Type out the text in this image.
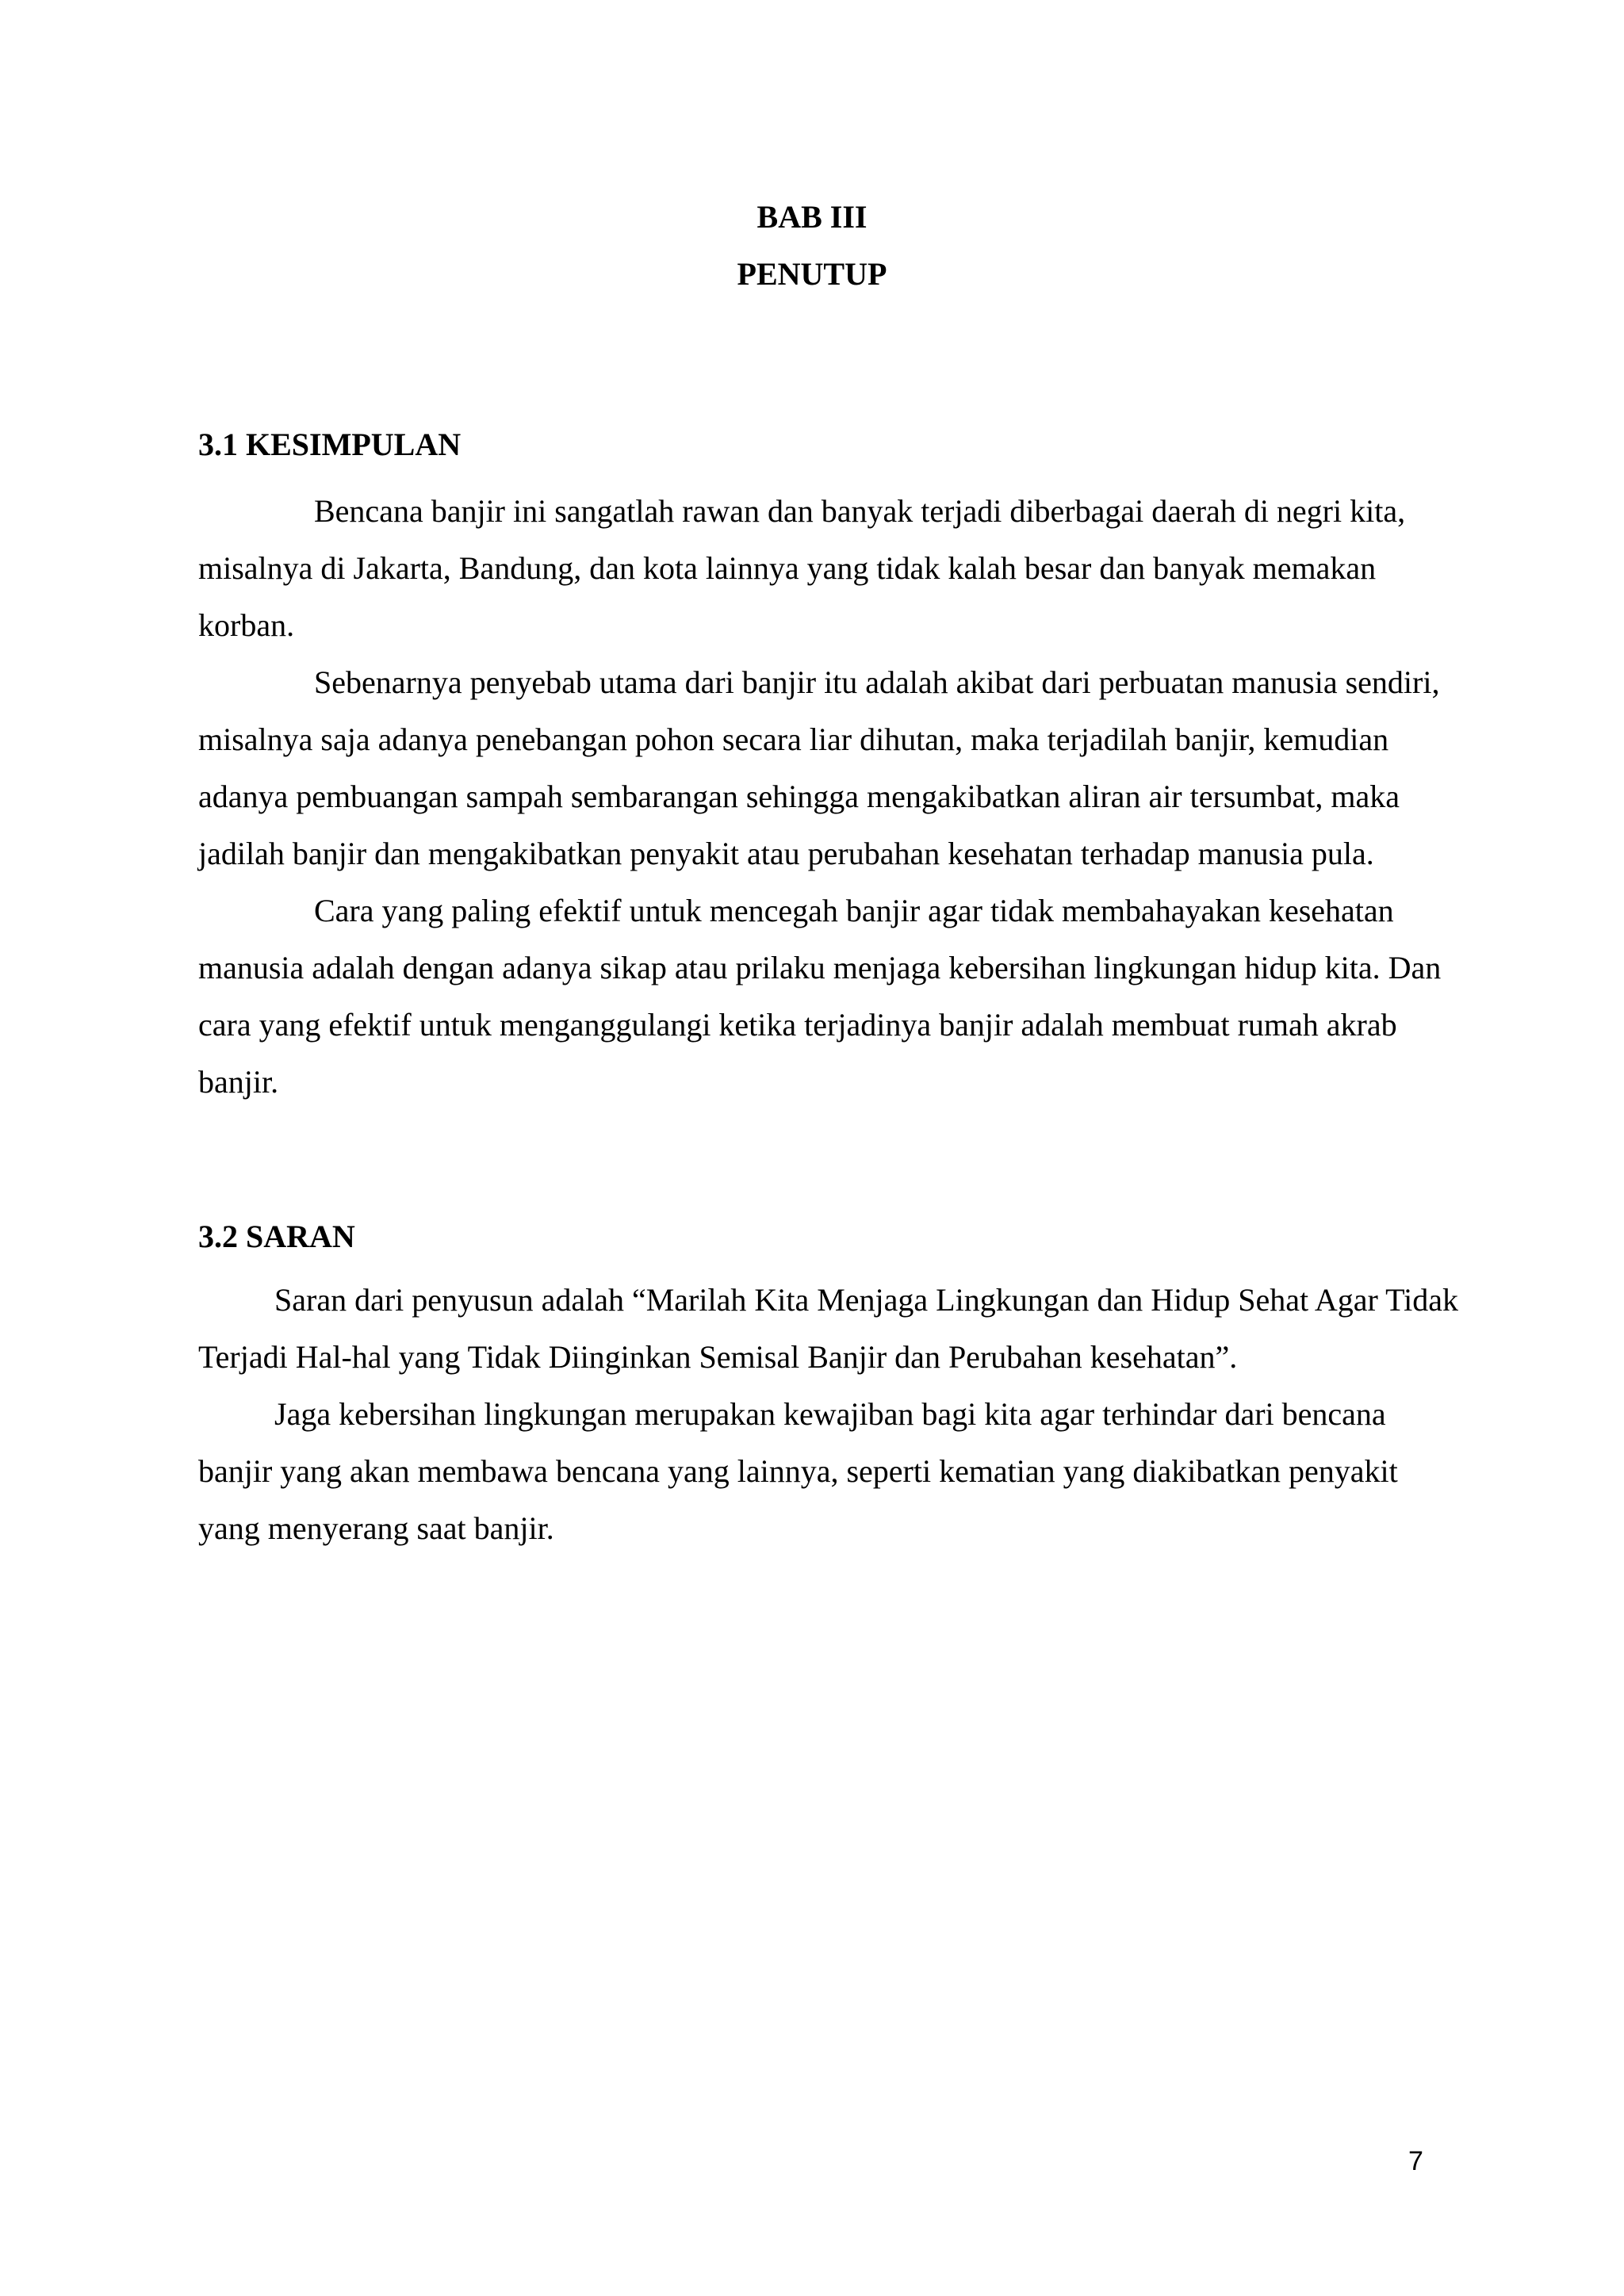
BAB III
PENUTUP
3.1 KESIMPULAN

Bencana banjir ini sangatlah rawan dan banyak terjadi diberbagai daerah di negri kita, misalnya di Jakarta, Bandung, dan kota lainnya yang tidak kalah besar dan banyak memakan korban.

Sebenarnya penyebab utama dari banjir itu adalah akibat dari perbuatan manusia sendiri, misalnya saja adanya penebangan pohon secara liar dihutan, maka terjadilah banjir, kemudian adanya pembuangan sampah sembarangan sehingga mengakibatkan aliran air tersumbat, maka jadilah banjir dan mengakibatkan penyakit atau perubahan kesehatan terhadap manusia pula.

Cara yang paling efektif untuk mencegah banjir agar tidak membahayakan kesehatan manusia adalah dengan adanya sikap atau prilaku menjaga kebersihan lingkungan hidup kita. Dan cara yang efektif untuk menganggulangi ketika terjadinya banjir adalah membuat rumah akrab banjir.

3.2 SARAN

Saran dari penyusun adalah “Marilah Kita Menjaga Lingkungan dan Hidup Sehat Agar Tidak Terjadi Hal-hal yang Tidak Diinginkan Semisal Banjir dan Perubahan kesehatan”.

Jaga kebersihan lingkungan merupakan kewajiban bagi kita agar terhindar dari bencana banjir yang akan membawa bencana yang lainnya, seperti kematian yang diakibatkan penyakit yang menyerang saat banjir.

7
